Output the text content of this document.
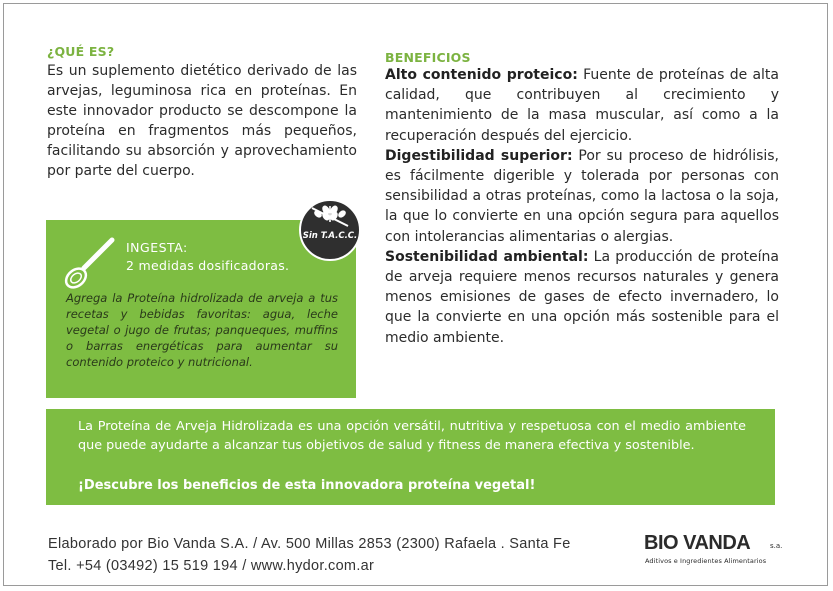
¿QUÉ ES?

Es un suplemento dietético derivado de las arvejas, leguminosa rica en proteínas. En este innovador producto se descompone la proteína en fragmentos más pequeños, facilitando su absorción y aprovechamiento por parte del cuerpo.

INGESTA:
2 medidas dosificadoras.
Agrega la Proteína hidrolizada de arveja a tus recetas y bebidas favoritas: agua, leche vegetal o jugo de frutas; panqueques, muffins o barras energéticas para aumentar su contenido proteico y nutricional.
Sin T.A.C.C.
BENEFICIOS

Alto contenido proteico: Fuente de proteínas de alta calidad, que contribuyen al crecimiento y mantenimiento de la masa muscular, así como a la recuperación después del ejercicio.

Digestibilidad superior: Por su proceso de hidrólisis, es fácilmente digerible y tolerada por personas con sensibilidad a otras proteínas, como la lactosa o la soja, la que lo convierte en una opción segura para aquellos con intolerancias alimentarias o alergias.

Sostenibilidad ambiental: La producción de proteína de arveja requiere menos recursos naturales y genera menos emisiones de gases de efecto invernadero, lo que la convierte en una opción más sostenible para el medio ambiente.

La Proteína de Arveja Hidrolizada es una opción versátil, nutritiva y respetuosa con el medio ambiente que puede ayudarte a alcanzar tus objetivos de salud y fitness de manera efectiva y sostenible.
¡Descubre los beneficios de esta innovadora proteína vegetal!
Elaborado por Bio Vanda S.A. / Av. 500 Millas 2853 (2300) Rafaela . Santa Fe
Tel. +54 (03492) 15 519 194 / www.hydor.com.ar
BIO VANDA	s.a.
Aditivos e Ingredientes Alimentarios
